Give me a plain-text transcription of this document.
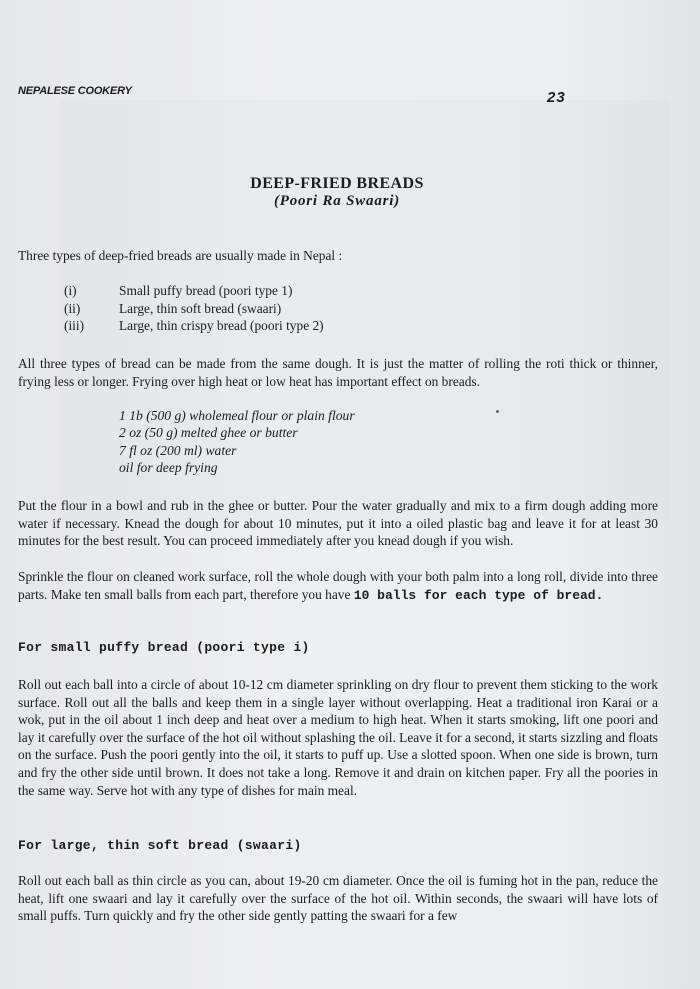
NEPALESE COOKERY	23
DEEP-FRIED BREADS
(Poori Ra Swaari)
Three types of deep-fried breads are usually made in Nepal :
(i)	Small puffy bread (poori type 1)
(ii)	Large, thin soft bread (swaari)
(iii)	Large, thin crispy bread (poori type 2)
All three types of bread can be made from the same dough. It is just the matter of rolling the roti thick or thinner, frying less or longer. Frying over high heat or low heat has important effect on breads.
1 1b (500 g) wholemeal flour or plain flour
2 oz (50 g) melted ghee or butter
7 fl oz (200 ml) water
oil for deep frying
Put the flour in a bowl and rub in the ghee or butter. Pour the water gradually and mix to a firm dough adding more water if necessary. Knead the dough for about 10 minutes, put it into a oiled plastic bag and leave it for at least 30 minutes for the best result. You can proceed immediately after you knead dough if you wish.
Sprinkle the flour on cleaned work surface, roll the whole dough with your both palm into a long roll, divide into three parts. Make ten small balls from each part, therefore you have 10 balls for each type of bread.
For small puffy bread (poori type i)
Roll out each ball into a circle of about 10-12 cm diameter sprinkling on dry flour to prevent them sticking to the work surface. Roll out all the balls and keep them in a single layer without overlapping. Heat a traditional iron Karai or a wok, put in the oil about 1 inch deep and heat over a medium to high heat. When it starts smoking, lift one poori and lay it carefully over the surface of the hot oil without splashing the oil. Leave it for a second, it starts sizzling and floats on the surface. Push the poori gently into the oil, it starts to puff up. Use a slotted spoon. When one side is brown, turn and fry the other side until brown. It does not take a long. Remove it and drain on kitchen paper. Fry all the poories in the same way. Serve hot with any type of dishes for main meal.
For large, thin soft bread (swaari)
Roll out each ball as thin circle as you can, about 19-20 cm diameter. Once the oil is fuming hot in the pan, reduce the heat, lift one swaari and lay it carefully over the surface of the hot oil. Within seconds, the swaari will have lots of small puffs. Turn quickly and fry the other side gently patting the swaari for a few
